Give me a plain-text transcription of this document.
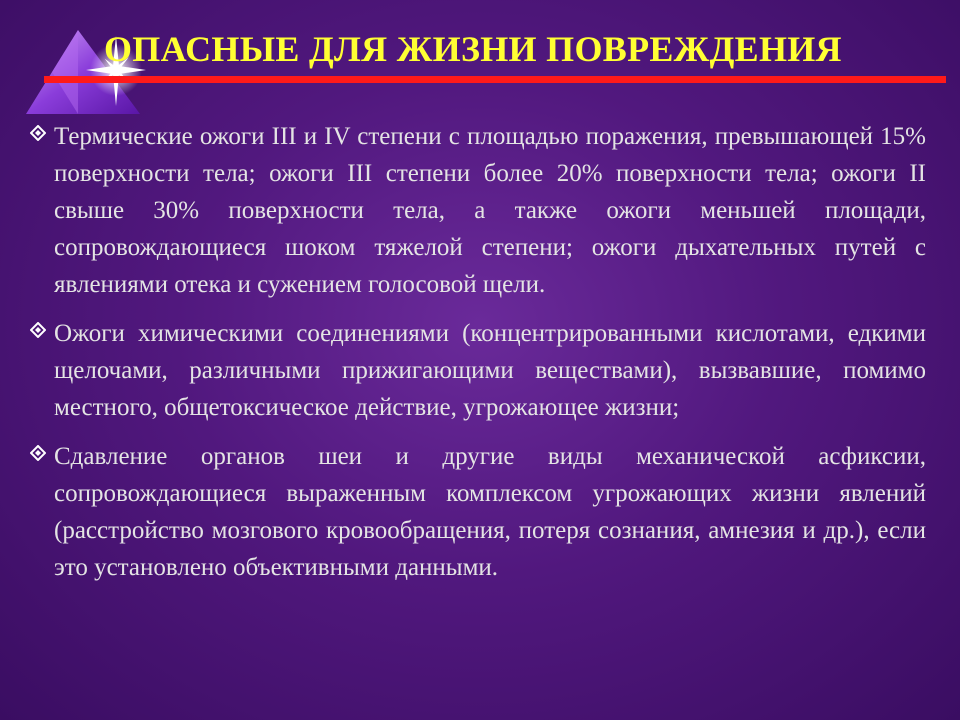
ОПАСНЫЕ ДЛЯ ЖИЗНИ ПОВРЕЖДЕНИЯ

Термические ожоги III и IV степени с площадью поражения, превышающей 15% поверхности тела; ожоги III степени более 20% поверхности тела; ожоги II свыше 30% поверхности тела, а также ожоги меньшей площади, сопровождающиеся шоком тяжелой степени; ожоги дыхательных путей с явлениями отека и сужением голосовой щели.

Ожоги химическими соединениями (концентрированными кислотами, едкими щелочами, различными прижигающими веществами), вызвавшие, помимо местного, общетоксическое действие, угрожающее жизни;

Сдавление органов шеи и другие виды механической асфиксии, сопровождающиеся выраженным комплексом угрожающих жизни явлений (расстройство мозгового кровообращения, потеря сознания, амнезия и др.), если это установлено объективными данными.
